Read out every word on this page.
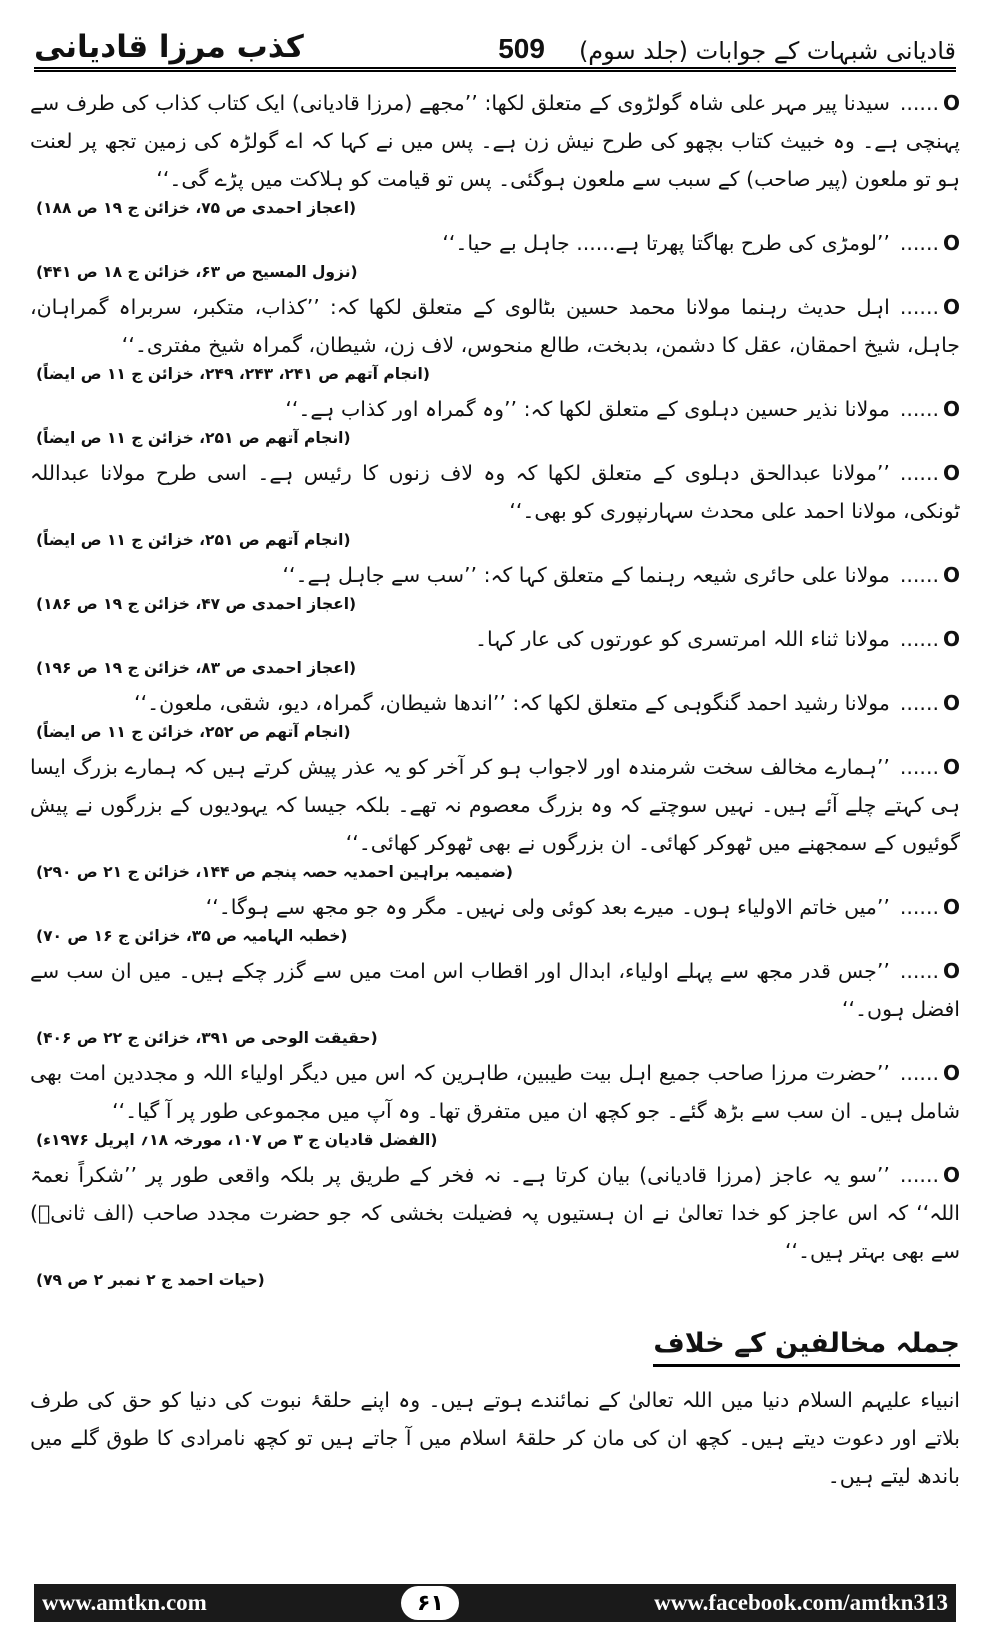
کذب مرزا قادیانی	قادیانی شبہات کے جوابات (جلد سوم)
509
O......سیدنا پیر مہر علی شاہ گولڑوی کے متعلق لکھا: ’’مجھے (مرزا قادیانی) ایک کتاب کذاب کی طرف سے پہنچی ہے۔ وہ خبیث کتاب بچھو کی طرح نیش زن ہے۔ پس میں نے کہا کہ اے گولڑہ کی زمین تجھ پر لعنت ہو تو ملعون (پیر صاحب) کے سبب سے ملعون ہوگئی۔ پس تو قیامت کو ہلاکت میں پڑے گی۔‘‘
(اعجاز احمدی ص ۷۵، خزائن ج ۱۹ ص ۱۸۸)
O......’’لومڑی کی طرح بھاگتا پھرتا ہے...... جاہل بے حیا۔‘‘
(نزول المسیح ص ۶۳، خزائن ج ۱۸ ص ۴۴۱)
O......اہل حدیث رہنما مولانا محمد حسین بٹالوی کے متعلق لکھا کہ: ’’کذاب، متکبر، سربراہ گمراہان، جاہل، شیخ احمقان، عقل کا دشمن، بدبخت، طالع منحوس، لاف زن، شیطان، گمراہ شیخ مفتری۔‘‘
(انجام آتھم ص ۲۴۱، ۲۴۳، ۲۴۹، خزائن ج ۱۱ ص ایضاً)
O......مولانا نذیر حسین دہلوی کے متعلق لکھا کہ: ’’وہ گمراہ اور کذاب ہے۔‘‘
(انجام آتھم ص ۲۵۱، خزائن ج ۱۱ ص ایضاً)
O......’’مولانا عبدالحق دہلوی کے متعلق لکھا کہ وہ لاف زنوں کا رئیس ہے۔ اسی طرح مولانا عبداللہ ٹونکی، مولانا احمد علی محدث سہارنپوری کو بھی۔‘‘
(انجام آتھم ص ۲۵۱، خزائن ج ۱۱ ص ایضاً)
O......مولانا علی حائری شیعہ رہنما کے متعلق کہا کہ: ’’سب سے جاہل ہے۔‘‘
(اعجاز احمدی ص ۴۷، خزائن ج ۱۹ ص ۱۸۶)
O......مولانا ثناء اللہ امرتسری کو عورتوں کی عار کہا۔
(اعجاز احمدی ص ۸۳، خزائن ج ۱۹ ص ۱۹۶)
O......مولانا رشید احمد گنگوہی کے متعلق لکھا کہ: ’’اندھا شیطان، گمراہ، دیو، شقی، ملعون۔‘‘
(انجام آتھم ص ۲۵۲، خزائن ج ۱۱ ص ایضاً)
O......’’ہمارے مخالف سخت شرمندہ اور لاجواب ہو کر آخر کو یہ عذر پیش کرتے ہیں کہ ہمارے بزرگ ایسا ہی کہتے چلے آئے ہیں۔ نہیں سوچتے کہ وہ بزرگ معصوم نہ تھے۔ بلکہ جیسا کہ یہودیوں کے بزرگوں نے پیش گوئیوں کے سمجھنے میں ٹھوکر کھائی۔ ان بزرگوں نے بھی ٹھوکر کھائی۔‘‘
(ضمیمہ براہین احمدیہ حصہ پنجم ص ۱۴۴، خزائن ج ۲۱ ص ۲۹۰)
O......’’میں خاتم الاولیاء ہوں۔ میرے بعد کوئی ولی نہیں۔ مگر وہ جو مجھ سے ہوگا۔‘‘
(خطبہ الہامیہ ص ۳۵، خزائن ج ۱۶ ص ۷۰)
O......’’جس قدر مجھ سے پہلے اولیاء، ابدال اور اقطاب اس امت میں سے گزر چکے ہیں۔ میں ان سب سے افضل ہوں۔‘‘
(حقیقت الوحی ص ۳۹۱، خزائن ج ۲۲ ص ۴۰۶)
O......’’حضرت مرزا صاحب جمیع اہل بیت طیبین، طاہرین کہ اس میں دیگر اولیاء اللہ و مجددین امت بھی شامل ہیں۔ ان سب سے بڑھ گئے۔ جو کچھ ان میں متفرق تھا۔ وہ آپ میں مجموعی طور پر آ گیا۔‘‘
(الفضل قادیان ج ۳ ص ۱۰۷، مورخہ ۱۸؍ اپریل ۱۹۷۶ء)
O......’’سو یہ عاجز (مرزا قادیانی) بیان کرتا ہے۔ نہ فخر کے طریق پر بلکہ واقعی طور پر ’’شکراً نعمۃ اللہ‘‘ کہ اس عاجز کو خدا تعالیٰ نے ان ہستیوں پہ فضیلت بخشی کہ جو حضرت مجدد صاحب (الف ثانیؒ) سے بھی بہتر ہیں۔‘‘
(حیات احمد ج ۲ نمبر ۲ ص ۷۹)
جملہ مخالفین کے خلاف

انبیاء علیہم السلام دنیا میں اللہ تعالیٰ کے نمائندے ہوتے ہیں۔ وہ اپنے حلقۂ نبوت کی دنیا کو حق کی طرف بلاتے اور دعوت دیتے ہیں۔ کچھ ان کی مان کر حلقۂ اسلام میں آ جاتے ہیں تو کچھ نامرادی کا طوق گلے میں باندھ لیتے ہیں۔

www.amtkn.com	۶۱	www.facebook.com/amtkn313
